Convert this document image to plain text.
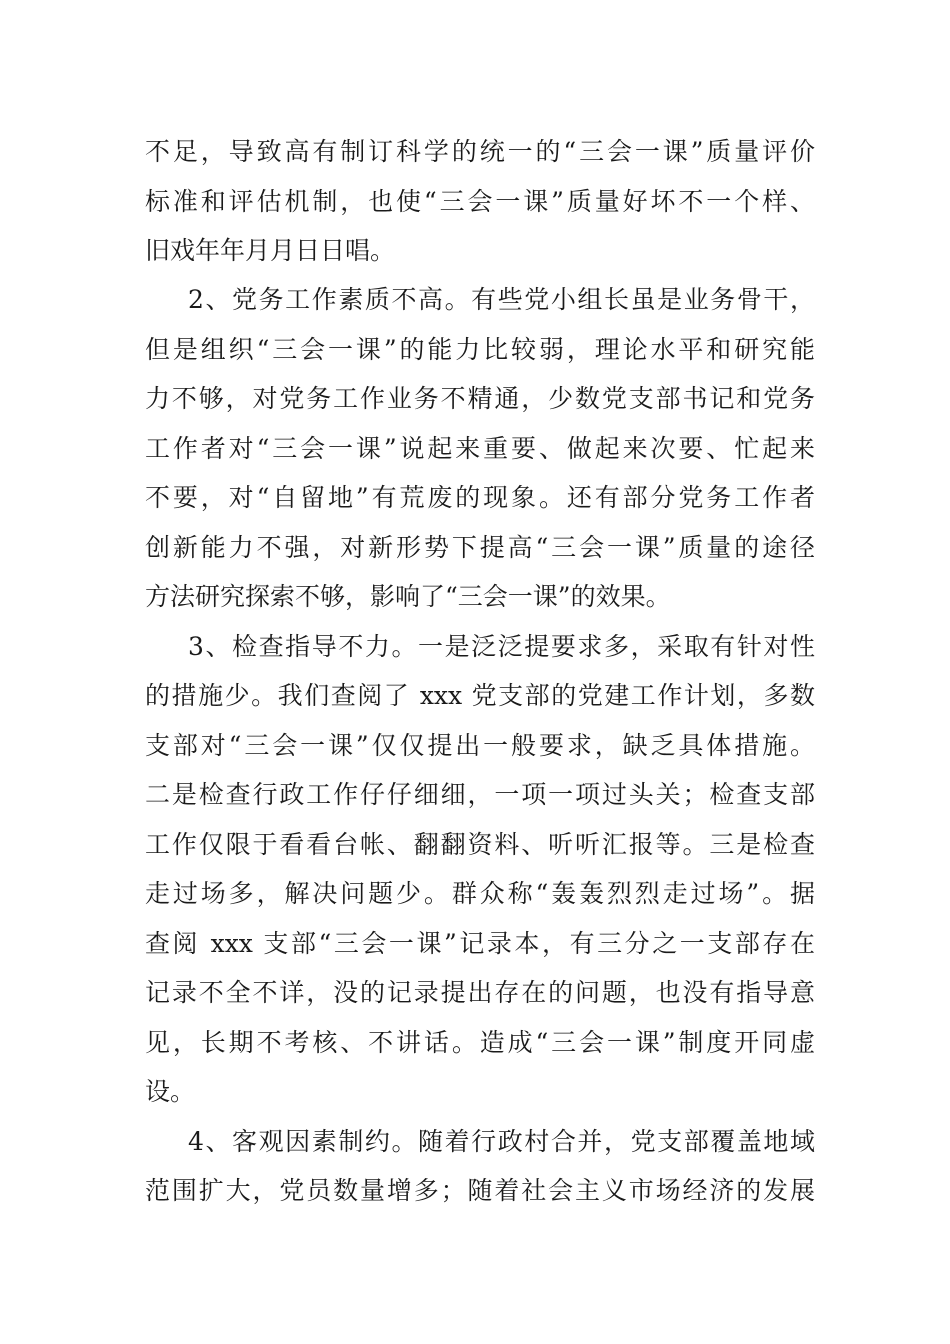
不足，导致高有制订科学的统一的“三会一课”质量评价
标准和评估机制，也使“三会一课”质量好坏不一个样、
旧戏年年月月日日唱。
2、党务工作素质不高。有些党小组长虽是业务骨干，
但是组织“三会一课”的能力比较弱，理论水平和研究能
力不够，对党务工作业务不精通，少数党支部书记和党务
工作者对“三会一课”说起来重要、做起来次要、忙起来
不要，对“自留地”有荒废的现象。还有部分党务工作者
创新能力不强，对新形势下提高“三会一课”质量的途径
方法研究探索不够，影响了“三会一课”的效果。
3、检查指导不力。一是泛泛提要求多，采取有针对性
的措施少。我们查阅了 xxx 党支部的党建工作计划，多数
支部对“三会一课”仅仅提出一般要求，缺乏具体措施。
二是检查行政工作仔仔细细，一项一项过头关；检查支部
工作仅限于看看台帐、翻翻资料、听听汇报等。三是检查
走过场多，解决问题少。群众称“轰轰烈烈走过场”。据
查阅 xxx 支部“三会一课”记录本，有三分之一支部存在
记录不全不详，没的记录提出存在的问题，也没有指导意
见，长期不考核、不讲话。造成“三会一课”制度开同虚
设。
4、客观因素制约。随着行政村合并，党支部覆盖地域
范围扩大，党员数量增多；随着社会主义市场经济的发展
